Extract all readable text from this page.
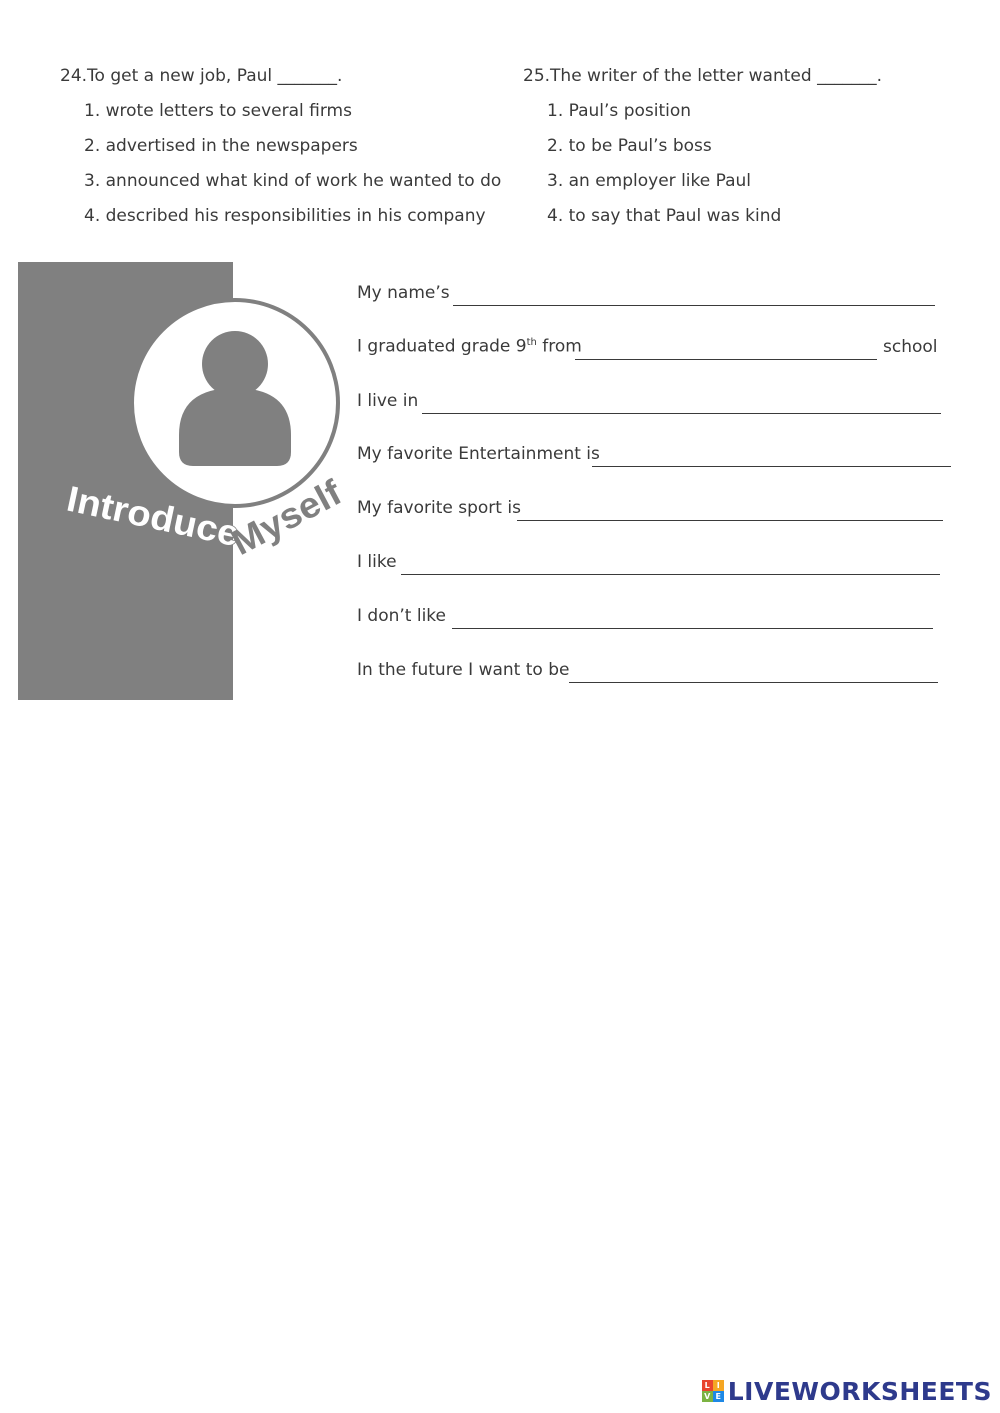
24.To get a new job, Paul _______.
1. wrote letters to several firms
2. advertised in the newspapers
3. announced what kind of work he wanted to do
4. described his responsibilities in his company
25.The writer of the letter wanted _______.
1. Paul’s position
2. to be Paul’s boss
3. an employer like Paul
4. to say that Paul was kind
Introduce
Myself
My name’s
I graduated grade 9th from	school
I live in
My favorite Entertainment is
My favorite sport is
I like
I don’t like
In the future I want to be
L I
V E LIVEWORKSHEETS
